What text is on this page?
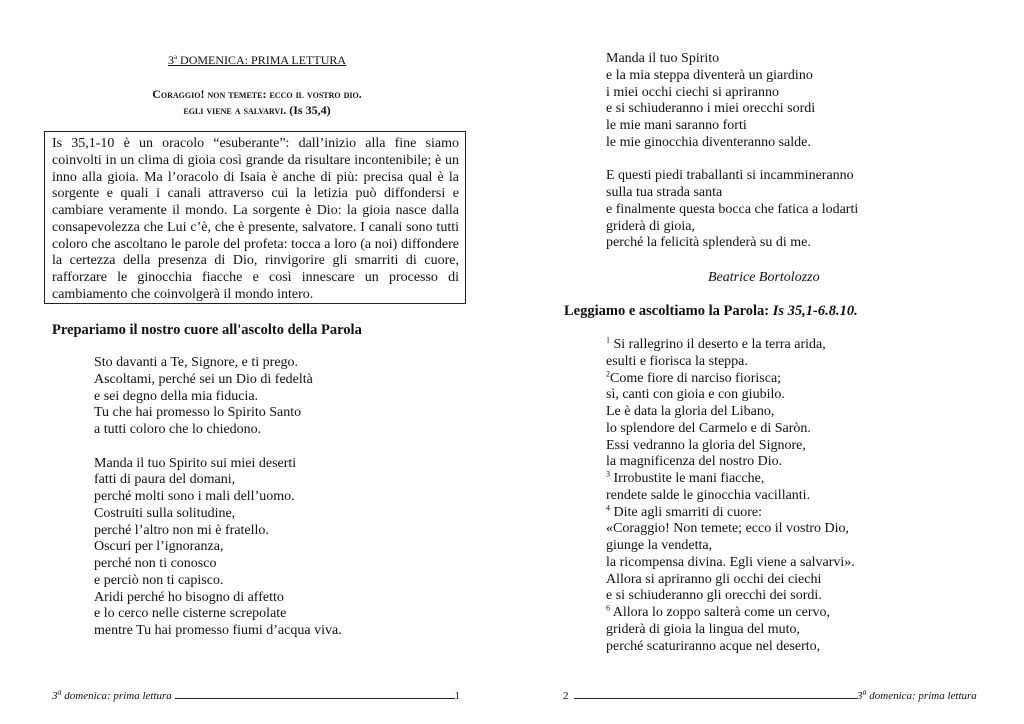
3$^a$ DOMENICA: PRIMA LETTURA
Coraggio! non temete: ecco il vostro dio.
egli viene a salvarvi. (Is 35,4)
Is 35,1-10 è un oracolo “esuberante”: dall’inizio alla fine siamo coinvolti in un clima di gioia così grande da risultare incontenibile; è un inno alla gioia. Ma l’oracolo di Isaia è anche di più: precisa qual è la sorgente e quali i canali attraverso cui la letizia può diffondersi e cambiare veramente il mondo. La sorgente è Dio: la gioia nasce dalla consapevolezza che Lui c’è, che è presente, salvatore. I canali sono tutti coloro che ascoltano le parole del profeta: tocca a loro (a noi) diffondere la certezza della presenza di Dio, rinvigorire gli smarriti di cuore, rafforzare le ginocchia fiacche e così innescare un processo di cambiamento che coinvolgerà il mondo intero.
Prepariamo il nostro cuore all'ascolto della Parola
Sto davanti a Te, Signore, e ti prego.
Ascoltami, perché sei un Dio di fedeltà
e sei degno della mia fiducia.
Tu che hai promesso lo Spirito Santo
a tutti coloro che lo chiedono.
Manda il tuo Spirito sui miei deserti
fatti di paura del domani,
perché molti sono i mali dell’uomo.
Costruiti sulla solitudine,
perché l’altro non mi è fratello.
Oscuri per l’ignoranza,
perché non ti conosco
e perciò non ti capisco.
Aridi perché ho bisogno di affetto
e lo cerco nelle cisterne screpolate
mentre Tu hai promesso fiumi d’acqua viva.
3$^a$ domenica: prima lettura	1
Manda il tuo Spirito
e la mia steppa diventerà un giardino
i miei occhi ciechi si apriranno
e si schiuderanno i miei orecchi sordi
le mie mani saranno forti
le mie ginocchia diventeranno salde.
E questi piedi traballanti si incammineranno
sulla tua strada santa
e finalmente questa bocca che fatica a lodarti
griderà di gioia,
perché la felicità splenderà su di me.
Beatrice Bortolozzo
Leggiamo e ascoltiamo la Parola: Is 35,1-6.8.10.
$^1$ Si rallegrino il deserto e la terra arida,
esulti e fiorisca la steppa.
$^2$Come fiore di narciso fiorisca;
sì, canti con gioia e con giubilo.
Le è data la gloria del Libano,
lo splendore del Carmelo e di Saròn.
Essi vedranno la gloria del Signore,
la magnificenza del nostro Dio.
$^3$ Irrobustite le mani fiacche,
rendete salde le ginocchia vacillanti.
$^4$ Dite agli smarriti di cuore:
«Coraggio! Non temete; ecco il vostro Dio,
giunge la vendetta,
la ricompensa divina. Egli viene a salvarvi».
Allora si apriranno gli occhi dei ciechi
e si schiuderanno gli orecchi dei sordi.
$^6$ Allora lo zoppo salterà come un cervo,
griderà di gioia la lingua del muto,
perché scaturiranno acque nel deserto,
2	3$^a$ domenica: prima lettura
